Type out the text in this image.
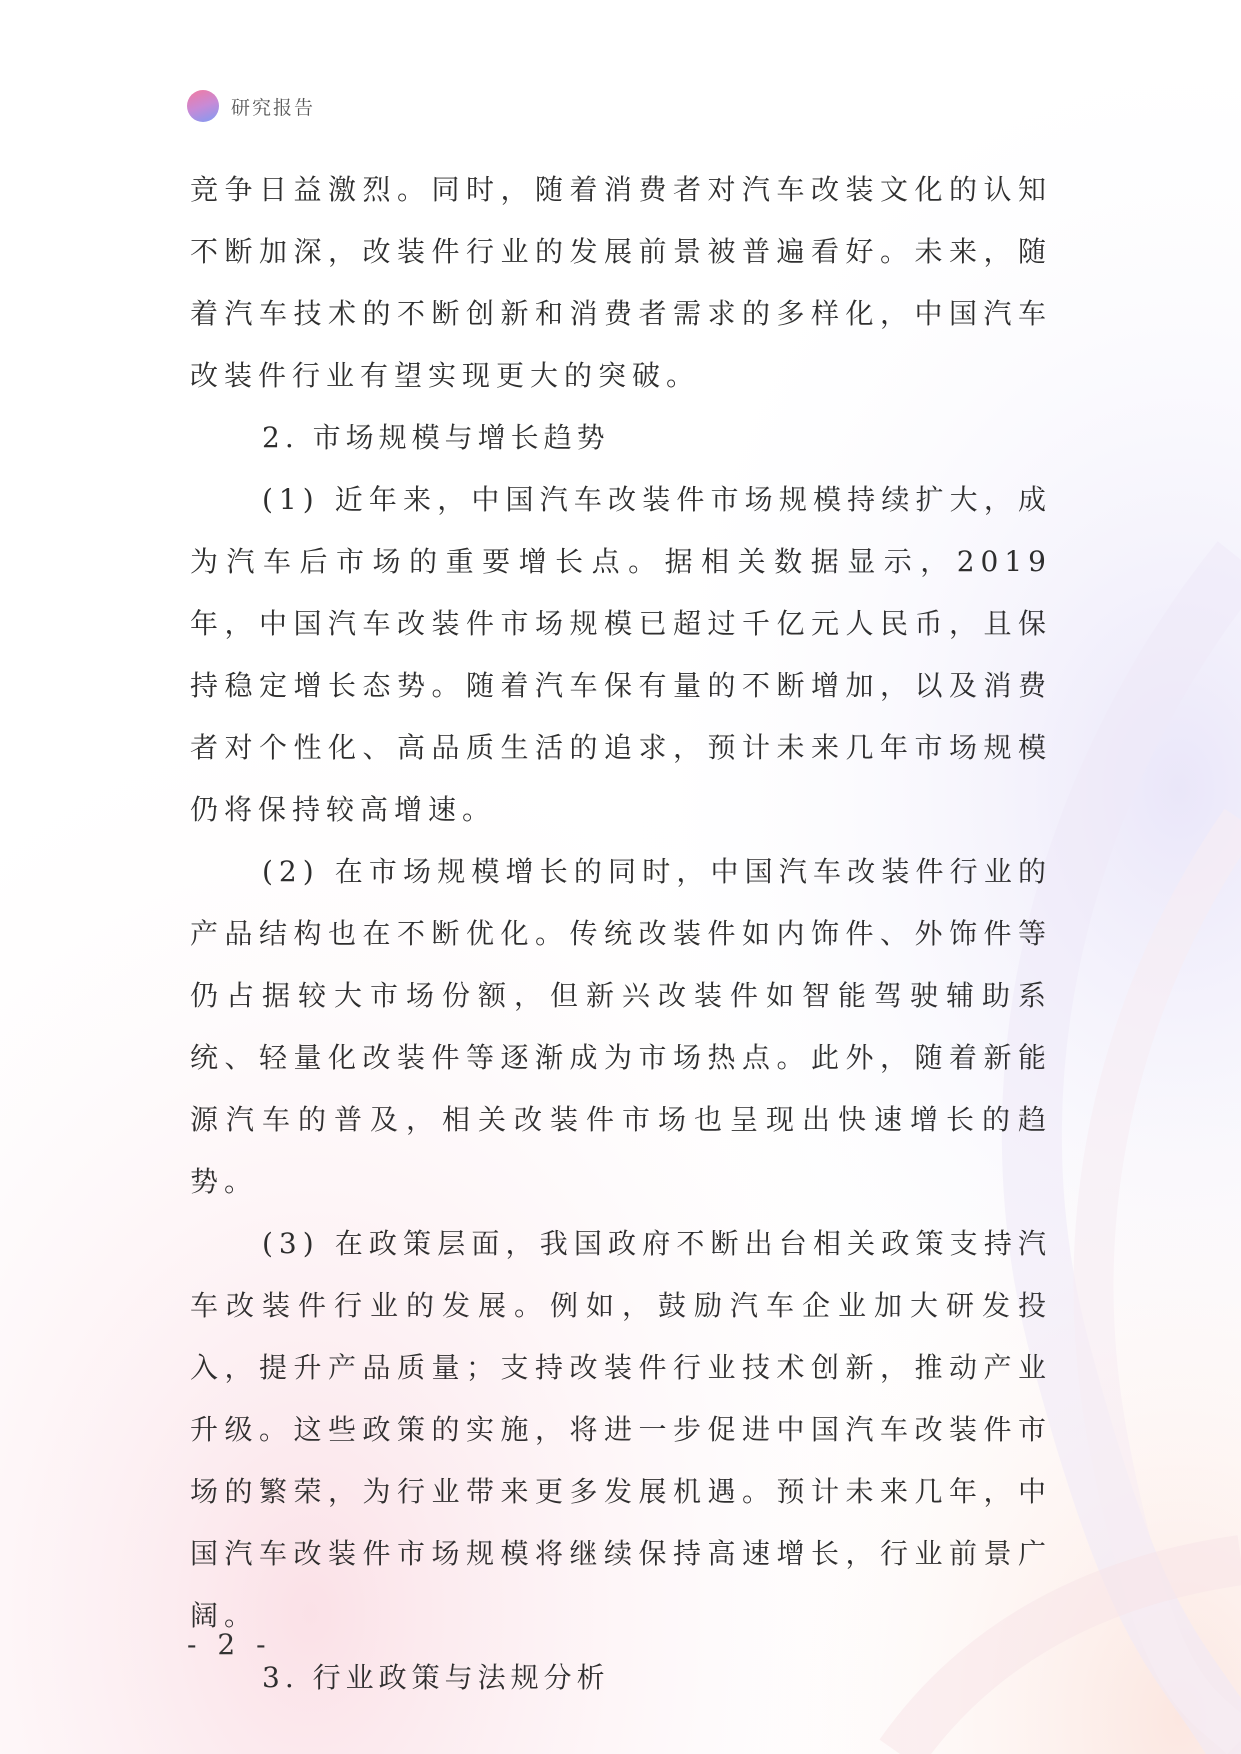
研究报告

竞争日益激烈。同时，随着消费者对汽车改装文化的认知不断加深，改装件行业的发展前景被普遍看好。未来，随着汽车技术的不断创新和消费者需求的多样化，中国汽车改装件行业有望实现更大的突破。

2. 市场规模与增长趋势

(1) 近年来，中国汽车改装件市场规模持续扩大，成为汽车后市场的重要增长点。据相关数据显示，2019 年，中国汽车改装件市场规模已超过千亿元人民币，且保持稳定增长态势。随着汽车保有量的不断增加，以及消费者对个性化、高品质生活的追求，预计未来几年市场规模仍将保持较高增速。

(2) 在市场规模增长的同时，中国汽车改装件行业的产品结构也在不断优化。传统改装件如内饰件、外饰件等仍占据较大市场份额，但新兴改装件如智能驾驶辅助系统、轻量化改装件等逐渐成为市场热点。此外，随着新能源汽车的普及，相关改装件市场也呈现出快速增长的趋势。

(3) 在政策层面，我国政府不断出台相关政策支持汽车改装件行业的发展。例如，鼓励汽车企业加大研发投入，提升产品质量；支持改装件行业技术创新，推动产业升级。这些政策的实施，将进一步促进中国汽车改装件市场的繁荣，为行业带来更多发展机遇。预计未来几年，中国汽车改装件市场规模将继续保持高速增长，行业前景广阔。

3. 行业政策与法规分析
- 2 -
